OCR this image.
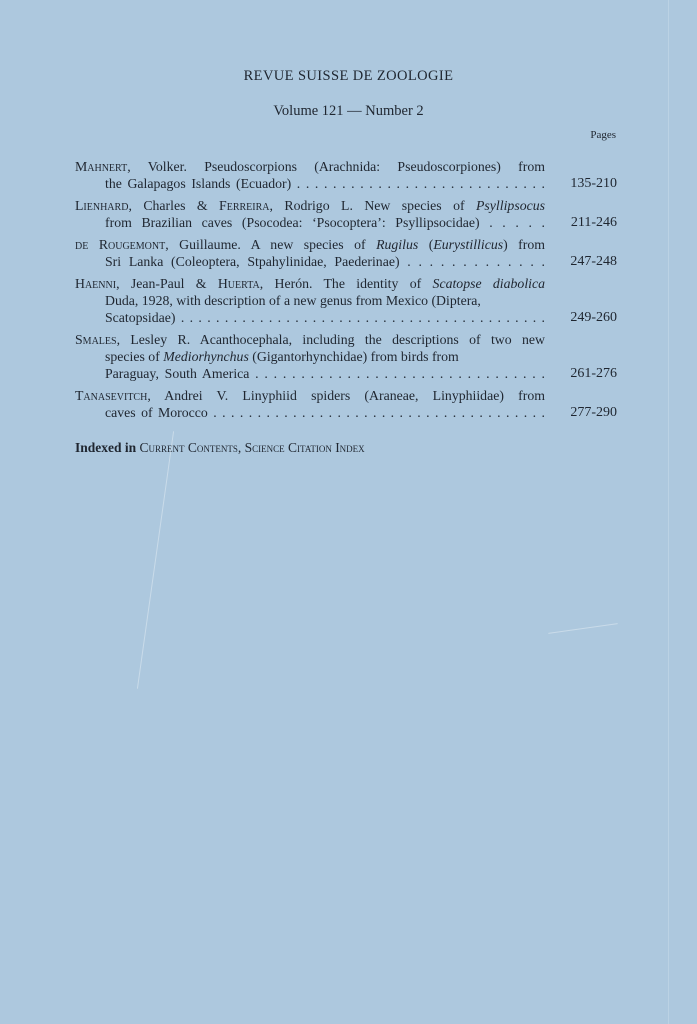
REVUE SUISSE DE ZOOLOGIE
Volume 121 — Number 2
Pages
Mahnert, Volker. Pseudoscorpions (Arachnida: Pseudoscorpiones) from
the Galapagos Islands (Ecuador) . . . . . . . . . . . . . . . . . . . . . . . . . . . . 135-210
Lienhard, Charles & Ferreira, Rodrigo L. New species of Psyllipsocus
from Brazilian caves (Psocodea: ‘Psocoptera’: Psyllipsocidae) . . . . . 211-246
de Rougemont, Guillaume. A new species of Rugilus (Eurystillicus) from
Sri Lanka (Coleoptera, Stpahylinidae, Paederinae) . . . . . . . . . . . . . 247-248
Haenni, Jean-Paul & Huerta, Herón. The identity of Scatopse diabolica
Duda, 1928, with description of a new genus from Mexico (Diptera,
Scatopsidae) . . . . . . . . . . . . . . . . . . . . . . . . . . . . . . . . . . . . . . . . . . 249-260
Smales, Lesley R. Acanthocephala, including the descriptions of two new
species of Mediorhynchus (Gigantorhynchidae) from birds from
Paraguay, South America . . . . . . . . . . . . . . . . . . . . . . . . . . . . . . . . 261-276
Tanasevitch, Andrei V. Linyphiid spiders (Araneae, Linyphiidae) from
caves of Morocco . . . . . . . . . . . . . . . . . . . . . . . . . . . . . . . . . . . . . . 277-290
Indexed in Current Contents, Science Citation Index
